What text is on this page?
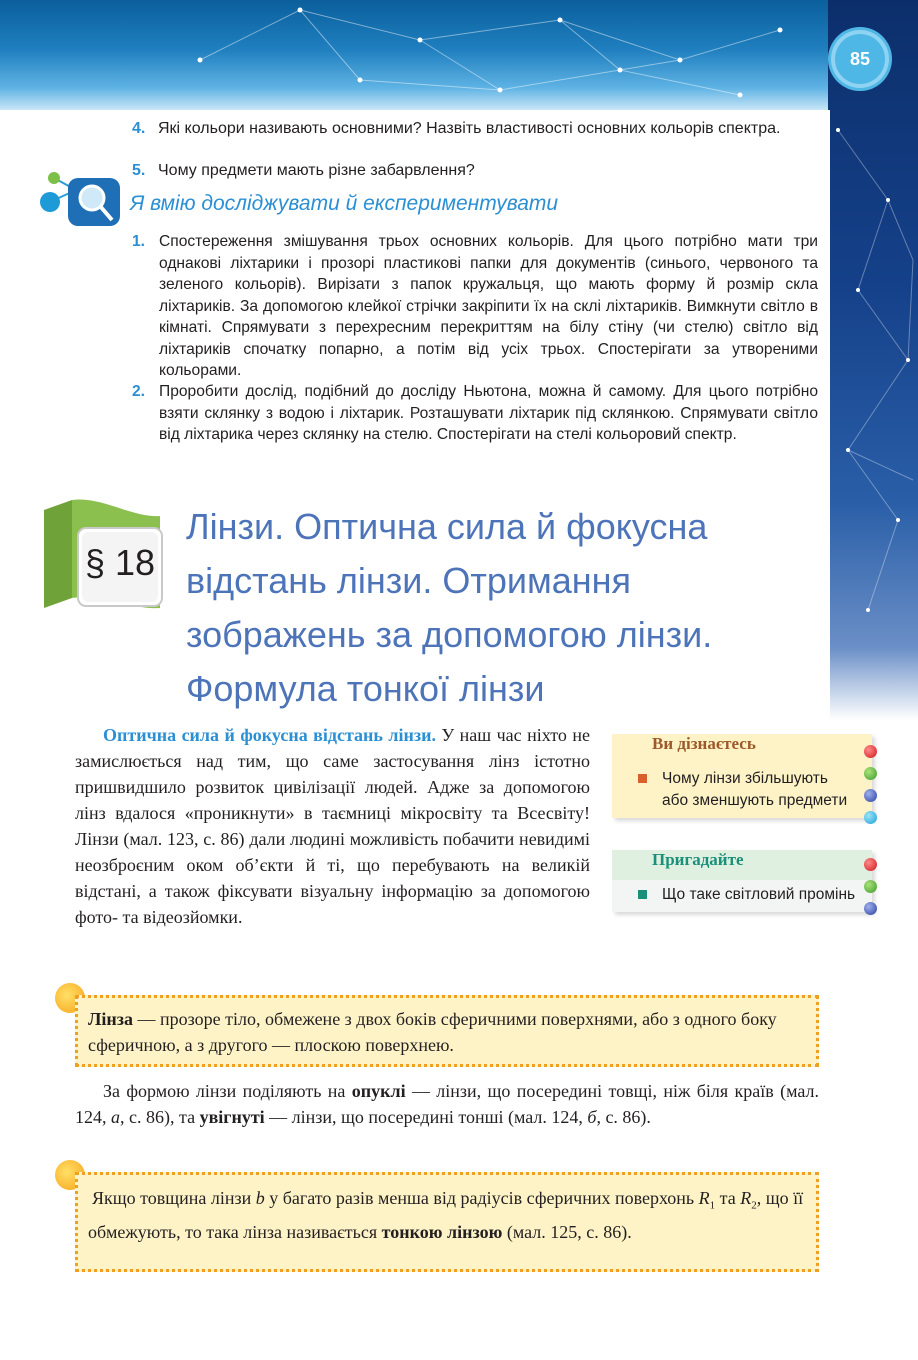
85
4. Які кольори називають основними? Назвіть властивості основних кольорів спектра.
5. Чому предмети мають різне забарвлення?
Я вмію досліджувати й експериментувати
1. Спостереження змішування трьох основних кольорів. Для цього потрібно мати три однакові ліхтарики і прозорі пластикові папки для документів (синього, червоного та зеленого кольорів). Вирізати з папок кружальця, що мають форму й розмір скла ліхтариків. За допомогою клейкої стрічки закріпити їх на склі ліхтариків. Вимкнути світло в кімнаті. Спрямувати з перехресним перекриттям на білу стіну (чи стелю) світло від ліхтариків спочатку попарно, а потім від усіх трьох. Спостерігати за утвореними кольорами.
2. Проробити дослід, подібний до досліду Ньютона, можна й самому. Для цього потрібно взяти склянку з водою і ліхтарик. Розташувати ліхтарик під склянкою. Спрямувати світло від ліхтарика через склянку на стелю. Спостерігати на стелі кольоровий спектр.
§ 18
Лінзи. Оптична сила й фокусна
відстань лінзи. Отримання
зображень за допомогою лінзи.
Формула тонкої лінзи
Оптична сила й фокусна відстань лінзи. У наш час ніхто не замислюється над тим, що саме застосування лінз істотно пришвидшило розвиток цивілізації людей. Адже за допомогою лінз вдалося «проникнути» в таємниці мікросвіту та Всесвіту! Лінзи (мал. 123, с. 86) дали людині можливість побачити невидимі неозброєним оком об’єкти й ті, що перебувають на великій відстані, а також фіксувати візуальну інформацію за допомогою фото- та відеозйомки.
Ви дізнаєтесь
Чому лінзи збільшують або зменшують предмети
Пригадайте
Що таке світловий промінь
Лінза — прозоре тіло, обмежене з двох боків сферичними поверхнями, або з одного боку сферичною, а з другого — плоскою поверхнею.
За формою лінзи поділяють на опуклі — лінзи, що посередині товщі, ніж біля країв (мал. 124, а, с. 86), та увігнуті — лінзи, що посередині тонші (мал. 124, б, с. 86).
Якщо товщина лінзи b у багато разів менша від радіусів сферичних поверхонь $R_1$ та $R_2$, що її обмежують, то така лінза називається тонкою лінзою (мал. 125, с. 86).
